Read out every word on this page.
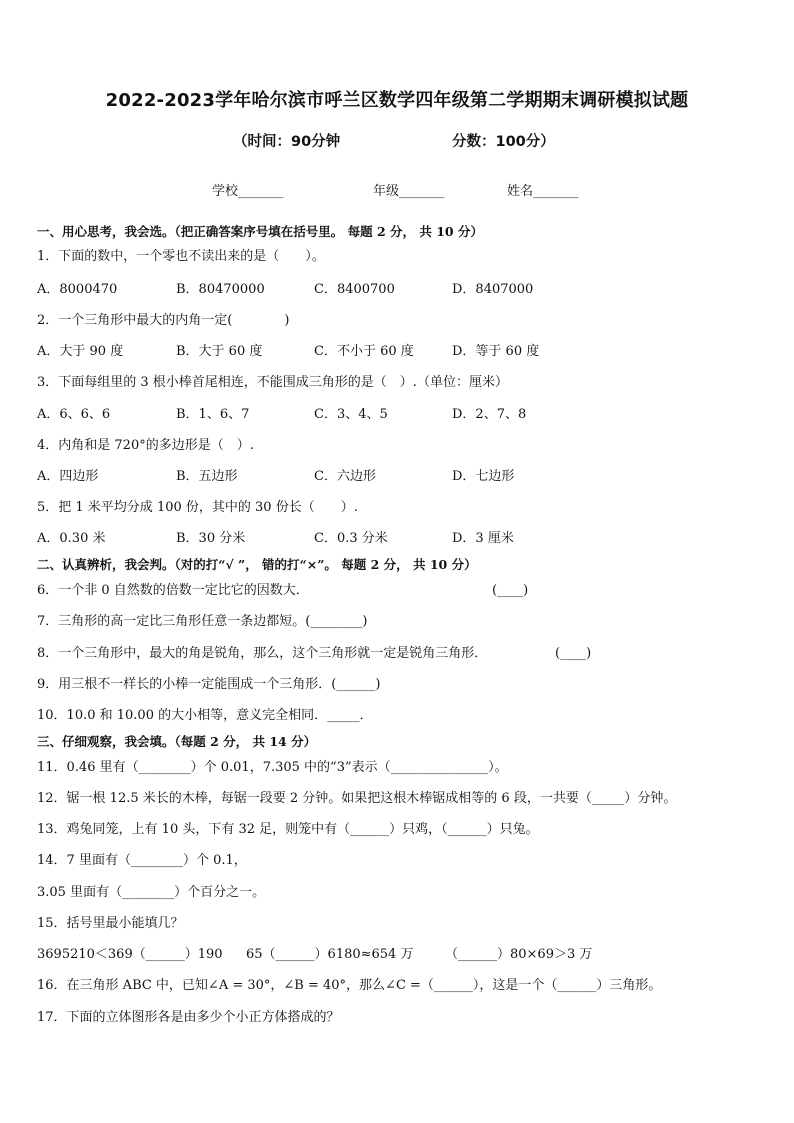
2022-2023学年哈尔滨市呼兰区数学四年级第二学期期末调研模拟试题
（时间：90分钟	分数：100分）
学校_______	年级_______	姓名_______
一、用心思考，我会选。（把正确答案序号填在括号里。 每题 2 分， 共 10 分）
1．下面的数中，一个零也不读出来的是（　　）。
A．8000470	B．80470000	C．8400700	D．8407000
2．一个三角形中最大的内角一定(　　　　)
A．大于 90 度	B．大于 60 度	C．不小于 60 度	D．等于 60 度
3．下面每组里的 3 根小棒首尾相连，不能围成三角形的是（　）.（单位：厘米）
A．6、6、6	B．1、6、7	C．3、4、5	D．2、7、8
4．内角和是 720°的多边形是（　）.
A．四边形	B．五边形	C．六边形	D．七边形
5．把 1 米平均分成 100 份，其中的 30 份长（　　）.
A．0.30 米	B．30 分米	C．0.3 分米	D．3 厘米
二、认真辨析，我会判。（对的打“√ ”， 错的打“×”。 每题 2 分， 共 10 分）
6．一个非 0 自然数的倍数一定比它的因数大．	(____)
7．三角形的高一定比三角形任意一条边都短。(________)
8．一个三角形中，最大的角是锐角，那么，这个三角形就一定是锐角三角形．	(____)
9．用三根不一样长的小棒一定能围成一个三角形．(______)
10．10.0 和 10.00 的大小相等，意义完全相同．_____．
三、仔细观察，我会填。（每题 2 分， 共 14 分）
11．0.46 里有（________）个 0.01，7.305 中的“3”表示（_______________）。
12．锯一根 12.5 米长的木棒，每锯一段要 2 分钟。如果把这根木棒锯成相等的 6 段，一共要（_____）分钟。
13．鸡兔同笼，上有 10 头，下有 32 足，则笼中有（______）只鸡，（______）只兔。
14．7 里面有（________）个 0.1，
3.05 里面有（________）个百分之一。
15．括号里最小能填几？
3695210＜369（______）190 65（______）6180≈654 万 （______）80×69＞3 万
16．在三角形 ABC 中，已知∠A = 30°，∠B = 40°，那么∠C =（______），这是一个（______）三角形。
17．下面的立体图形各是由多少个小正方体搭成的？
